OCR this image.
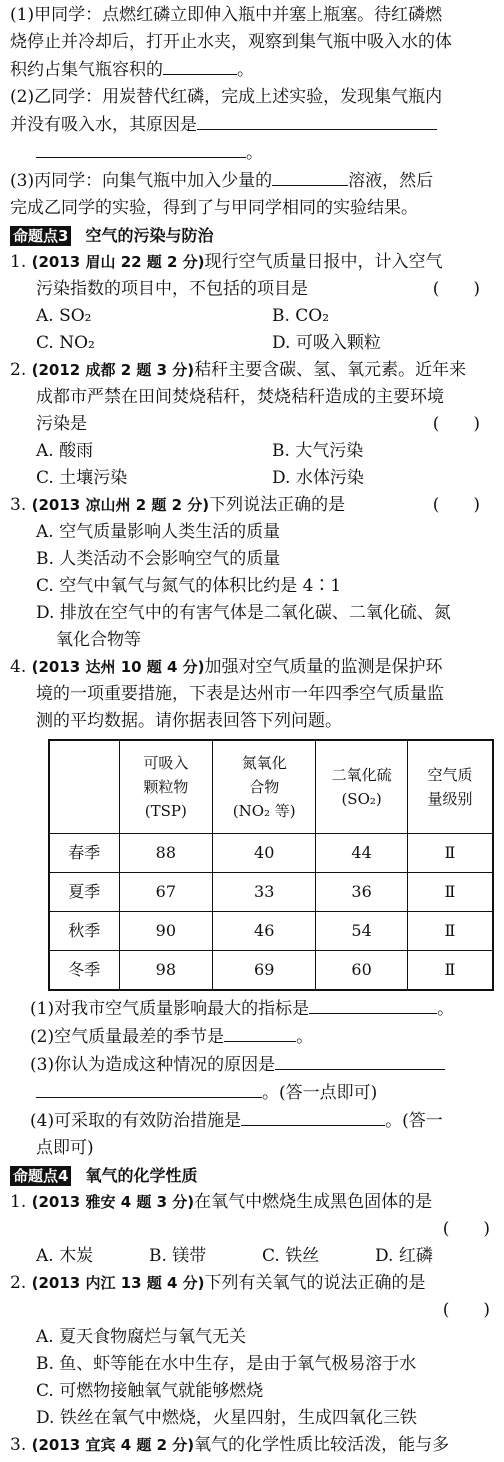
(1)甲同学：点燃红磷立即伸入瓶中并塞上瓶塞。待红磷燃
烧停止并冷却后，打开止水夹，观察到集气瓶中吸入水的体
积约占集气瓶容积的	。
(2)乙同学：用炭替代红磷，完成上述实验，发现集气瓶内
并没有吸入水，其原因是
。
(3)丙同学：向集气瓶中加入少量的	溶液，然后
完成乙同学的实验，得到了与甲同学相同的实验结果。
命题点3 空气的污染与防治
1. (2013 眉山 22 题 2 分)现行空气质量日报中，计入空气
污染指数的项目中，不包括的项目是	(　　)
A. SO₂	B. CO₂
C. NO₂	D. 可吸入颗粒
2. (2012 成都 2 题 3 分)秸秆主要含碳、氢、氧元素。近年来
成都市严禁在田间焚烧秸秆，焚烧秸秆造成的主要环境
污染是	(　　)
A. 酸雨	B. 大气污染
C. 土壤污染	D. 水体污染
3. (2013 凉山州 2 题 2 分)下列说法正确的是	(　　)
A. 空气质量影响人类生活的质量
B. 人类活动不会影响空气的质量
C. 空气中氧气与氮气的体积比约是 4∶1
D. 排放在空气中的有害气体是二氧化碳、二氧化硫、氮
氧化合物等
4. (2013 达州 10 题 4 分)加强对空气质量的监测是保护环
境的一项重要措施，下表是达州市一年四季空气质量监
测的平均数据。请你据表回答下列问题。
	可吸入
颗粒物
(TSP)	氮氧化
合物
(NO₂ 等)	二氧化硫
(SO₂)	空气质
量级别
春季	88	40	44	Ⅱ
夏季	67	33	36	Ⅱ
秋季	90	46	54	Ⅱ
冬季	98	69	60	Ⅱ
(1)对我市空气质量影响最大的指标是	。
(2)空气质量最差的季节是	。
(3)你认为造成这种情况的原因是
。(答一点即可)
(4)可采取的有效防治措施是	。(答一
点即可)
命题点4 氧气的化学性质
1. (2013 雅安 4 题 3 分)在氧气中燃烧生成黑色固体的是
(　　)
A. 木炭	B. 镁带	C. 铁丝	D. 红磷
2. (2013 内江 13 题 4 分)下列有关氧气的说法正确的是
(　　)
A. 夏天食物腐烂与氧气无关
B. 鱼、虾等能在水中生存，是由于氧气极易溶于水
C. 可燃物接触氧气就能够燃烧
D. 铁丝在氧气中燃烧，火星四射，生成四氧化三铁
3. (2013 宜宾 4 题 2 分)氧气的化学性质比较活泼，能与多
